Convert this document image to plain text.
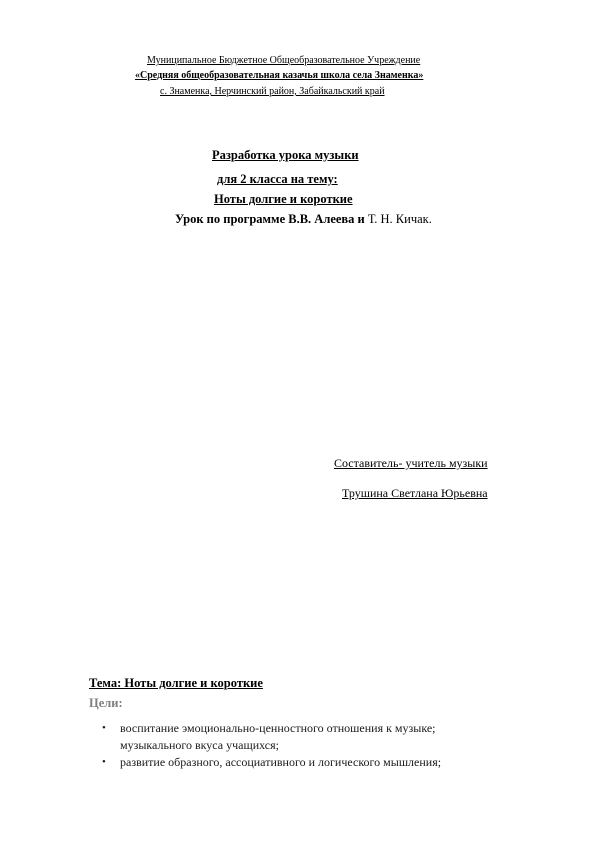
Муниципальное Бюджетное Общеобразовательное Учреждение
«Средняя общеобразовательная казачья школа села Знаменка»
с. Знаменка, Нерчинский район, Забайкальский край
Разработка урока музыки
для 2 класса на тему:
Ноты долгие и короткие
Урок по программе В.В. Алеева и Т. Н. Кичак.
Составитель- учитель музыки
Трушина Светлана Юрьевна
Тема: Ноты долгие и короткие
Цели:
• воспитание эмоционально-ценностного отношения к музыке;
музыкального вкуса учащихся;
• развитие образного, ассоциативного и логического мышления;
